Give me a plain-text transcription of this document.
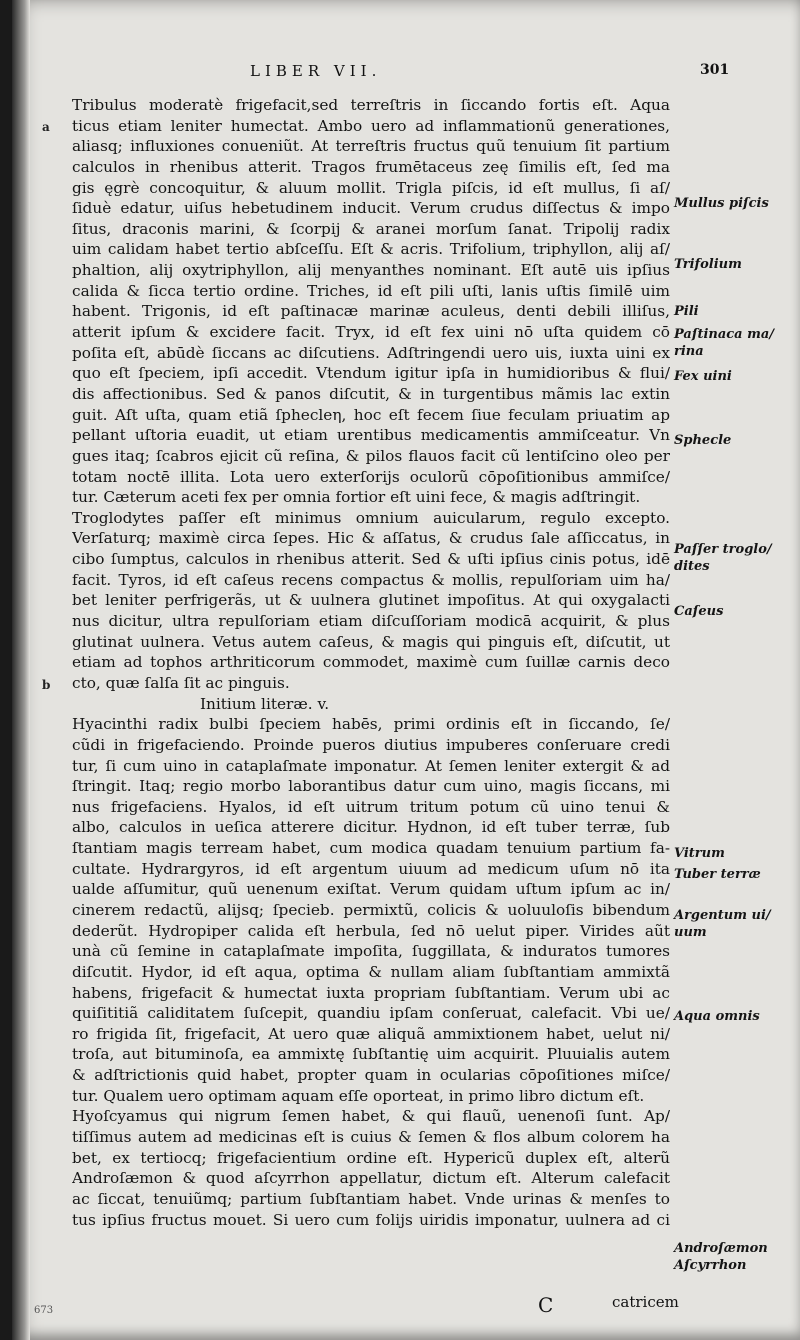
LIBER VII.	301
Tribulus moderatè frigefacit,sed terreſtris in ſiccando fortis eſt. Aqua
ticus etiam leniter humectat. Ambo uero ad inflammationũ generationes,
aliasq; influxiones conueniũt. At terreſtris fructus quũ tenuium ſit partium
calculos in rhenibus atterit. Tragos frumētaceus zeę ſimilis eſt, ſed ma
gis ęgrè concoquitur, & aluum mollit. Trigla piſcis, id eſt mullus, ſi aſ/
ſiduè edatur, uiſus hebetudinem inducit. Verum crudus diſſectus & impo
ſitus, draconis marini, & ſcorpij & aranei morſum ſanat. Tripolij radix
uim calidam habet tertio abſceſſu. Eſt & acris. Trifolium, triphyllon, alij aſ/
phaltion, alij oxytriphyllon, alij menyanthes nominant. Eſt autē uis ipſius
calida & ſicca tertio ordine. Triches, id eſt pili uſti, lanis uſtis ſimilē uim
habent. Trigonis, id eſt paſtinacæ marinæ aculeus, denti debili illiſus,
atterit ipſum & excidere facit. Tryx, id eſt fex uini nō uſta quidem cō
poſita eſt, abūdè ſiccans ac diſcutiens. Adſtringendi uero uis, iuxta uini ex
quo eſt ſpeciem, ipſi accedit. Vtendum igitur ipſa in humidioribus & flui/
dis affectionibus. Sed & panos diſcutit, & in turgentibus mãmis lac extin
guit. Aſt uſta, quam etiã ſphecleη, hoc eſt fecem ſiue feculam priuatim ap
pellant uſtoria euadit, ut etiam urentibus medicamentis ammiſceatur. Vn
gues itaq; ſcabros ejicit cũ reſina, & pilos flauos facit cũ lentiſcino oleo per
totam noctē illita. Lota uero exterſorijs oculorũ cōpoſitionibus ammiſce/
tur. Cæterum aceti fex per omnia fortior eſt uini fece, & magis adſtringit.
Troglodytes paſſer eſt minimus omnium auicularum, regulo excepto.
Verſaturq; maximè circa ſepes. Hic & aſſatus, & crudus ſale aſſiccatus, in
cibo ſumptus, calculos in rhenibus atterit. Sed & uſti ipſius cinis potus, idē
facit. Tyros, id eſt caſeus recens compactus & mollis, repulſoriam uim ha/
bet leniter perfrigerãs, ut & uulnera glutinet impoſitus. At qui oxygalacti
nus dicitur, ultra repulſoriam etiam diſcuſſoriam modicā acquirit, & plus
glutinat uulnera. Vetus autem caſeus, & magis qui pinguis eſt, diſcutit, ut
etiam ad tophos arthriticorum commodet, maximè cum ſuillæ carnis deco
cto, quæ ſalſa ſit ac pinguis.
Initium literæ. v.
Hyacinthi radix bulbi ſpeciem habēs, primi ordinis eſt in ſiccando, ſe/
cũdi in frigefaciendo. Proinde pueros diutius impuberes conſeruare credi
tur, ſi cum uino in cataplaſmate imponatur. At ſemen leniter extergit & ad
ſtringit. Itaq; regio morbo laborantibus datur cum uino, magis ſiccans, mi
nus frigefaciens. Hyalos, id eſt uitrum tritum potum cũ uino tenui &
albo, calculos in ueſica atterere dicitur. Hydnon, id eſt tuber terræ, ſub
ſtantiam magis terream habet, cum modica quadam tenuium partium fa-
cultate. Hydrargyros, id eſt argentum uiuum ad medicum uſum nō ita
ualde aſſumitur, quũ uenenum exiſtat. Verum quidam uſtum ipſum ac in/
cinerem redactũ, alijsq; ſpecieb. permixtũ, colicis & uoluuloſis bibendum
dederũt. Hydropiper calida eſt herbula, ſed nō uelut piper. Virides aũt
unà cũ ſemine in cataplaſmate impoſita, ſuggillata, & induratos tumores
diſcutit. Hydor, id eſt aqua, optima & nullam aliam ſubſtantiam ammixtã
habens, frigefacit & humectat iuxta propriam ſubſtantiam. Verum ubi ac
quiſititiã caliditatem ſuſcepit, quandiu ipſam conſeruat, calefacit. Vbi ue/
ro frigida ſit, frigefacit, At uero quæ aliquã ammixtionem habet, uelut ni/
troſa, aut bituminoſa, ea ammixtę ſubſtantię uim acquirit. Pluuialis autem
& adſtrictionis quid habet, propter quam in ocularias cōpoſitiones miſce/
tur. Qualem uero optimam aquam eſſe oporteat, in primo libro dictum eſt.
Hyoſcyamus qui nigrum ſemen habet, & qui flauũ, uenenoſi ſunt. Ap/
tiſſimus autem ad medicinas eſt is cuius & ſemen & flos album colorem ha
bet, ex tertiocq; frigefacientium ordine eſt. Hypericũ duplex eſt, alterũ
Androſæmon & quod aſcyrrhon appellatur, dictum eſt. Alterum calefacit
ac ſiccat, tenuiũmq; partium ſubſtantiam habet. Vnde urinas & menſes to
tus ipſius fructus mouet. Si uero cum folijs uiridis imponatur, uulnera ad ci
Mullus piſcis
Trifolium
Pili
Paſtinaca ma/
rina
Fex uini
Sphecle
Paſſer troglo/
dites
Caſeus
Vitrum
Tuber terræ
Argentum ui/
uum
Aqua omnis
Androſæmon
Aſcyrrhon
a
b
C	catricem
673
